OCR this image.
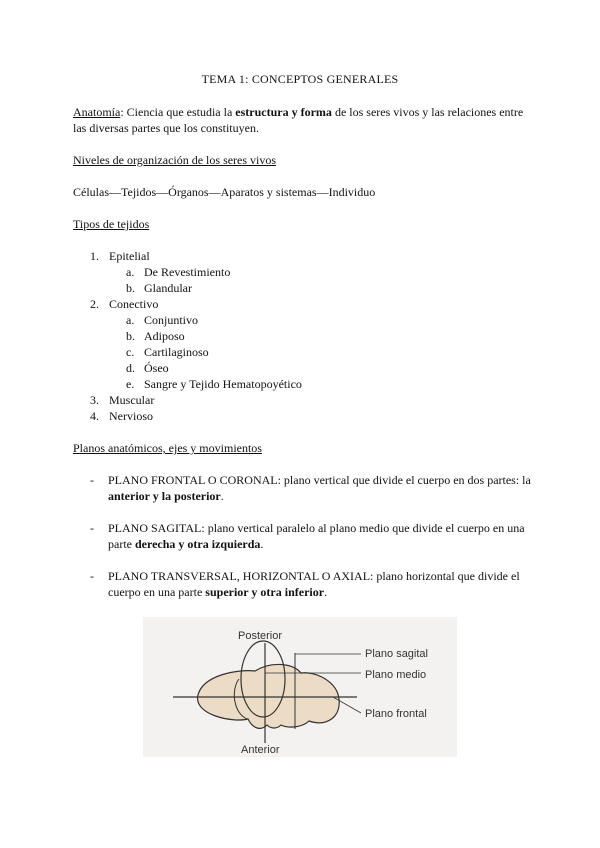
TEMA 1: CONCEPTOS GENERALES
Anatomía: Ciencia que estudia la estructura y forma de los seres vivos y las relaciones entre las diversas partes que los constituyen.
Niveles de organización de los seres vivos
Células—Tejidos—Órganos—Aparatos y sistemas—Individuo
Tipos de tejidos
1. Epitelial
a. De Revestimiento
b. Glandular
2. Conectivo
a. Conjuntivo
b. Adiposo
c. Cartilaginoso
d. Óseo
e. Sangre y Tejido Hematopoyético
3. Muscular
4. Nervioso
Planos anatómicos, ejes y movimientos
- PLANO FRONTAL O CORONAL: plano vertical que divide el cuerpo en dos partes: la anterior y la posterior.
- PLANO SAGITAL: plano vertical paralelo al plano medio que divide el cuerpo en una parte derecha y otra izquierda.
- PLANO TRANSVERSAL, HORIZONTAL O AXIAL: plano horizontal que divide el cuerpo en una parte superior y otra inferior.
Posterior
Anterior
Plano sagital
Plano medio
Plano frontal
